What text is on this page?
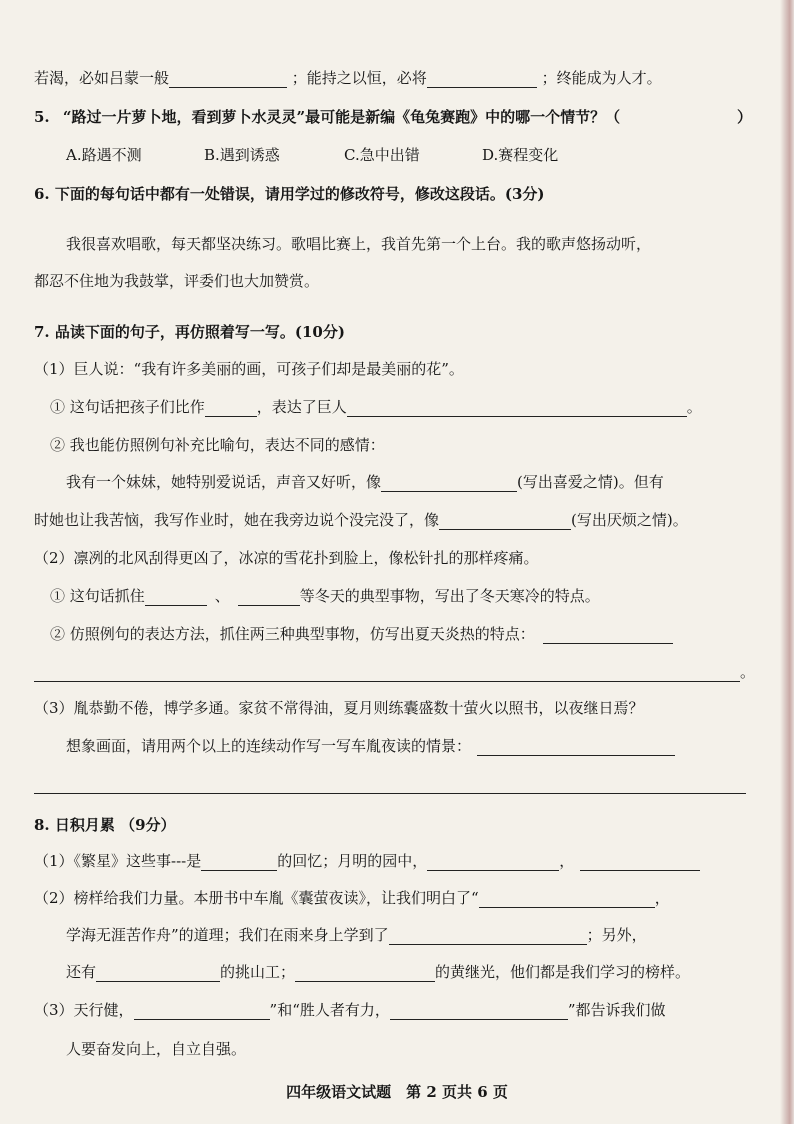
若渴，必如吕蒙一般	；能持之以恒，必将	；终能成为人才。
5. “路过一片萝卜地，看到萝卜水灵灵”最可能是新编《龟兔赛跑》中的哪一个情节？（	）
A.路遇不测	B.遇到诱惑	C.急中出错	D.赛程变化
6. 下面的每句话中都有一处错误，请用学过的修改符号，修改这段话。(3分)
我很喜欢唱歌，每天都坚决练习。歌唱比赛上，我首先第一个上台。我的歌声悠扬动听，
都忍不住地为我鼓掌，评委们也大加赞赏。
7. 品读下面的句子，再仿照着写一写。(10分)
（1）巨人说：“我有许多美丽的画，可孩子们却是最美丽的花”。
① 这句话把孩子们比作	，表达了巨人	。
② 我也能仿照例句补充比喻句，表达不同的感情：
我有一个妹妹，她特别爱说话，声音又好听，像	(写出喜爱之情)。但有
时她也让我苦恼，我写作业时，她在我旁边说个没完没了，像	(写出厌烦之情)。
（2）凛冽的北风刮得更凶了，冰凉的雪花扑到脸上，像松针扎的那样疼痛。
① 这句话抓住	、	等冬天的典型事物，写出了冬天寒冷的特点。
② 仿照例句的表达方法，抓住两三种典型事物，仿写出夏天炎热的特点：
。
（3）胤恭勤不倦，博学多通。家贫不常得油，夏月则练囊盛数十萤火以照书，以夜继日焉？
想象画面，请用两个以上的连续动作写一写车胤夜读的情景：
8. 日积月累 （9分）
（1）《繁星》这些事---是	的回忆；月明的园中，	，
（2）榜样给我们力量。本册书中车胤《囊萤夜读》，让我们明白了“	，
学海无涯苦作舟”的道理；我们在雨来身上学到了	；另外，
还有	的挑山工；	的黄继光，他们都是我们学习的榜样。
（3）天行健，	”和“胜人者有力，	”都告诉我们做
人要奋发向上，自立自强。
四年级语文试题　第 2 页共 6 页
